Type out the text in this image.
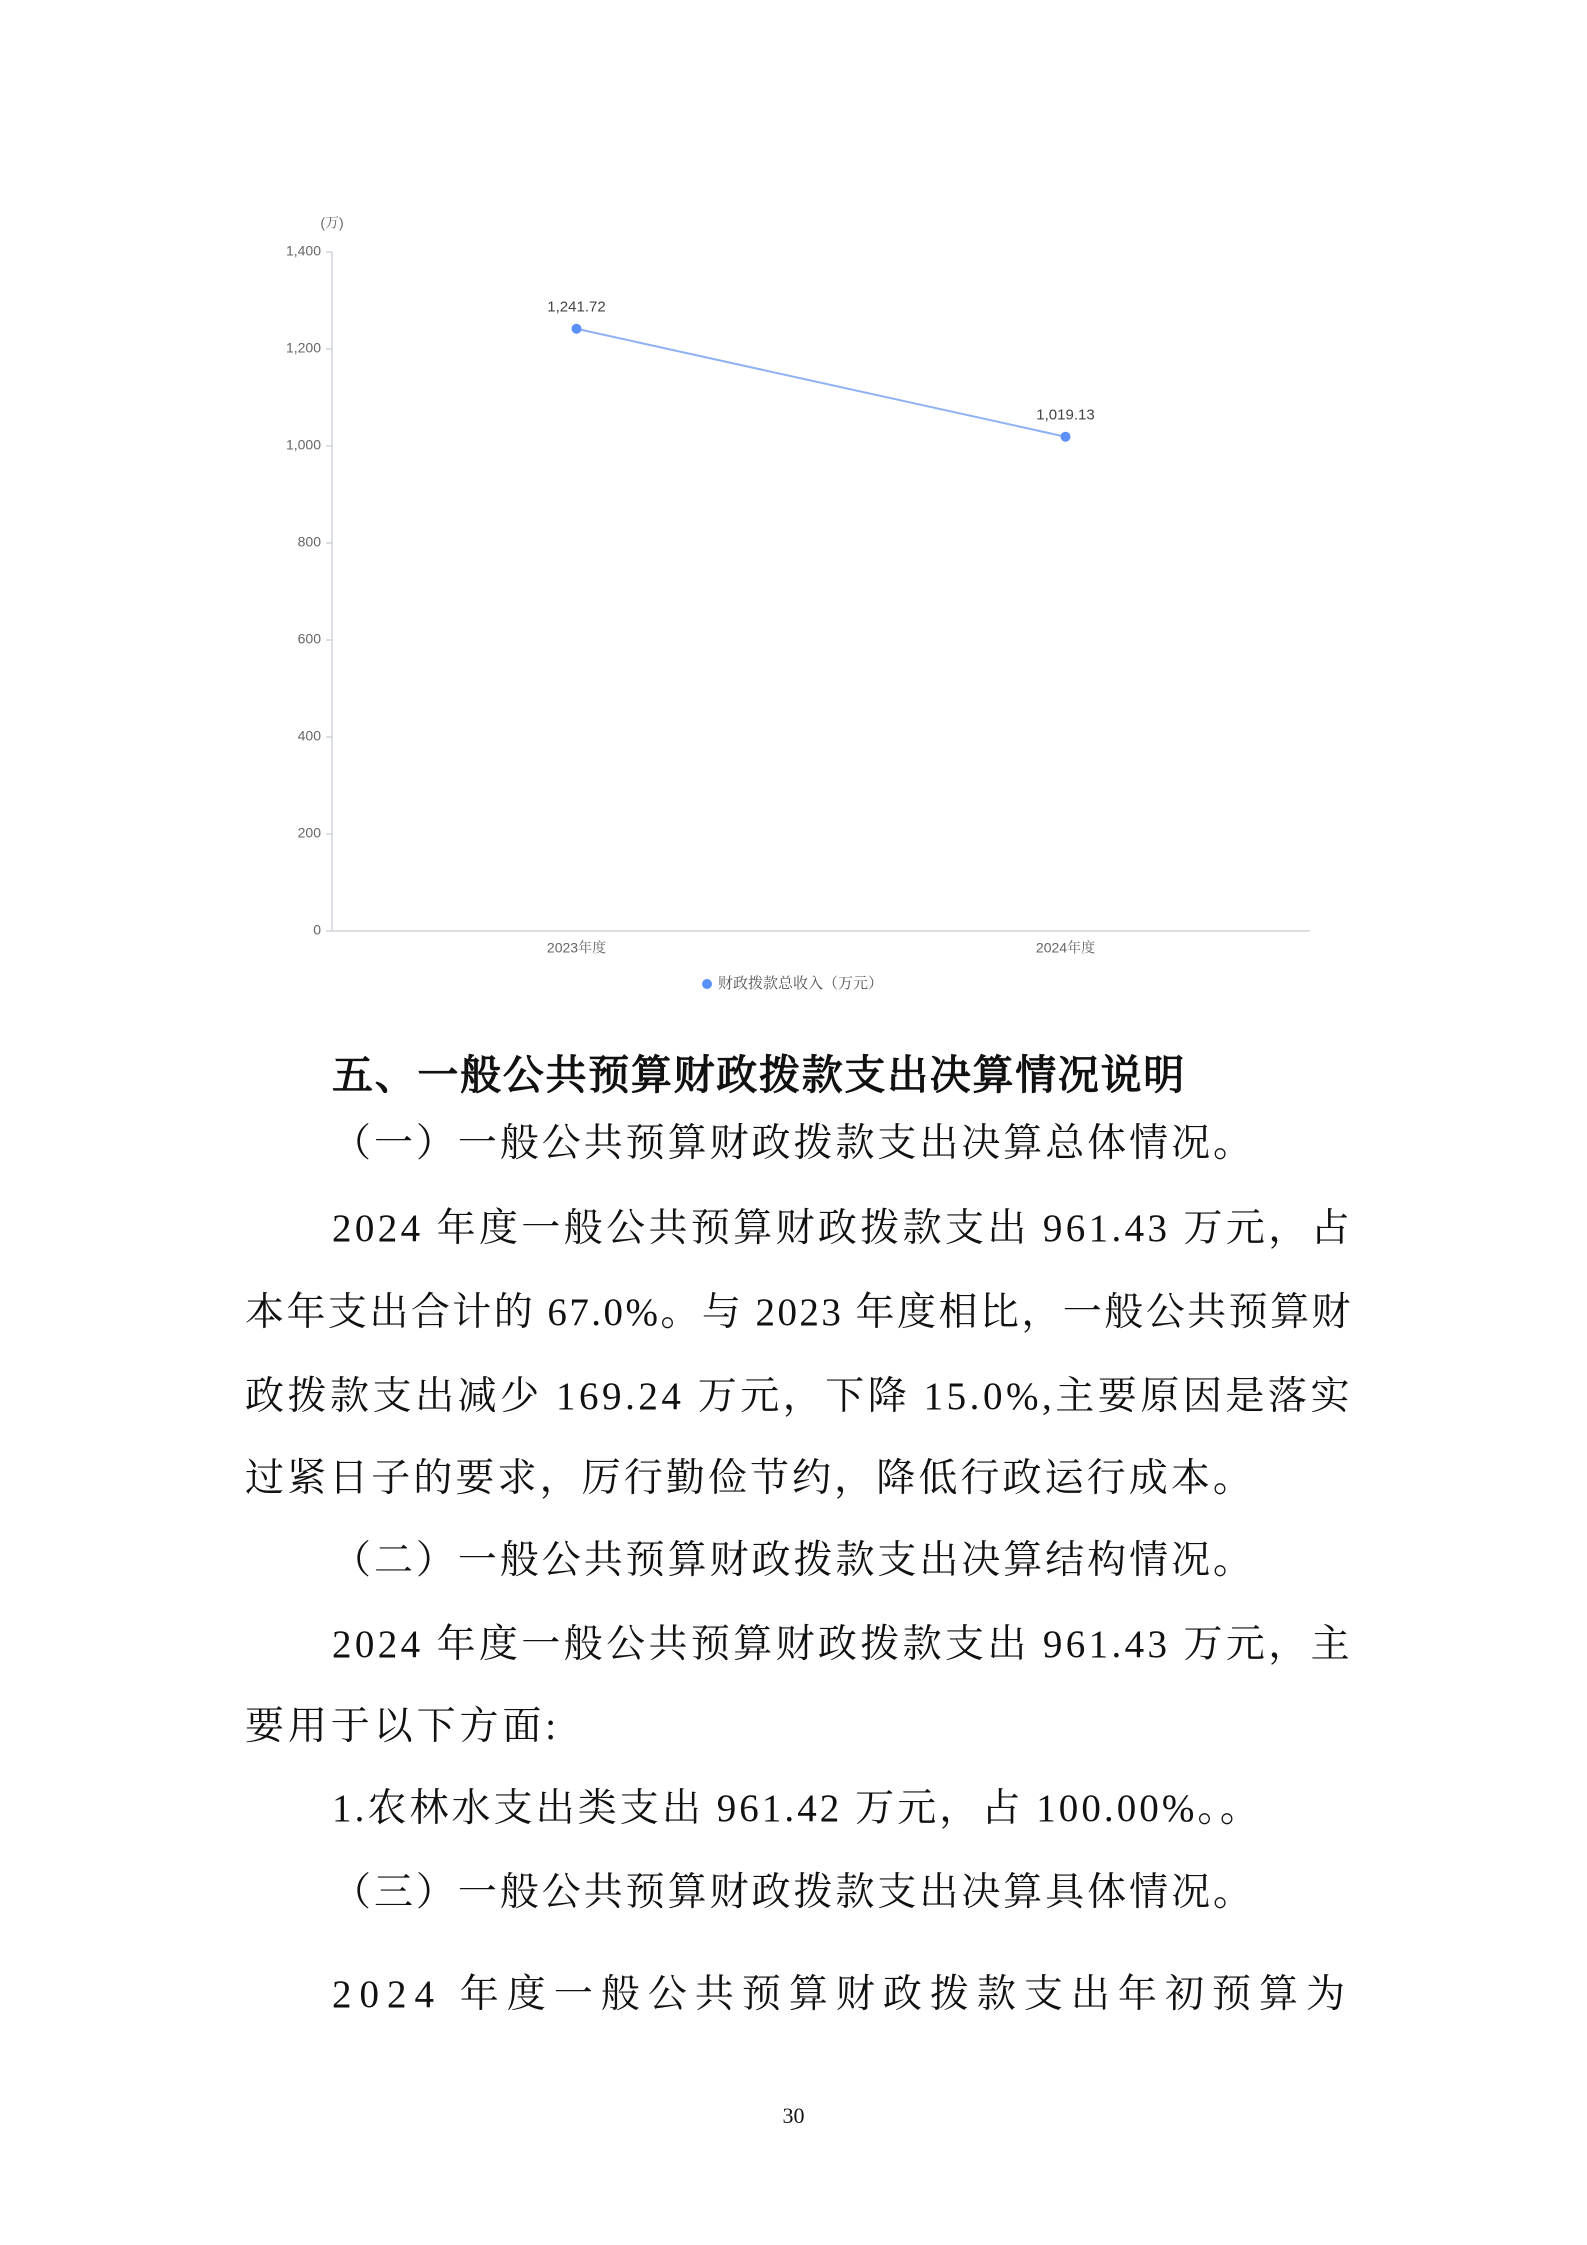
0
200
400
600
800
1,000
1,200
1,400
(万)
2023年度	2024年度
1,241.72
1,019.13
财政拨款总收入（万元）
五、一般公共预算财政拨款支出决算情况说明
（一）一般公共预算财政拨款支出决算总体情况。
2024 年度一般公共预算财政拨款支出 961.43 万元，占
本年支出合计的 67.0%。与 2023 年度相比，一般公共预算财
政拨款支出减少 169.24 万元，下降 15.0%,主要原因是落实
过紧日子的要求，厉行勤俭节约，降低行政运行成本。
（二）一般公共预算财政拨款支出决算结构情况。
2024 年度一般公共预算财政拨款支出 961.43 万元，主
要用于以下方面:
1.农林水支出类支出 961.42 万元，占 100.00%。。
（三）一般公共预算财政拨款支出决算具体情况。
2024 年度一般公共预算财政拨款支出年初预算为
30
